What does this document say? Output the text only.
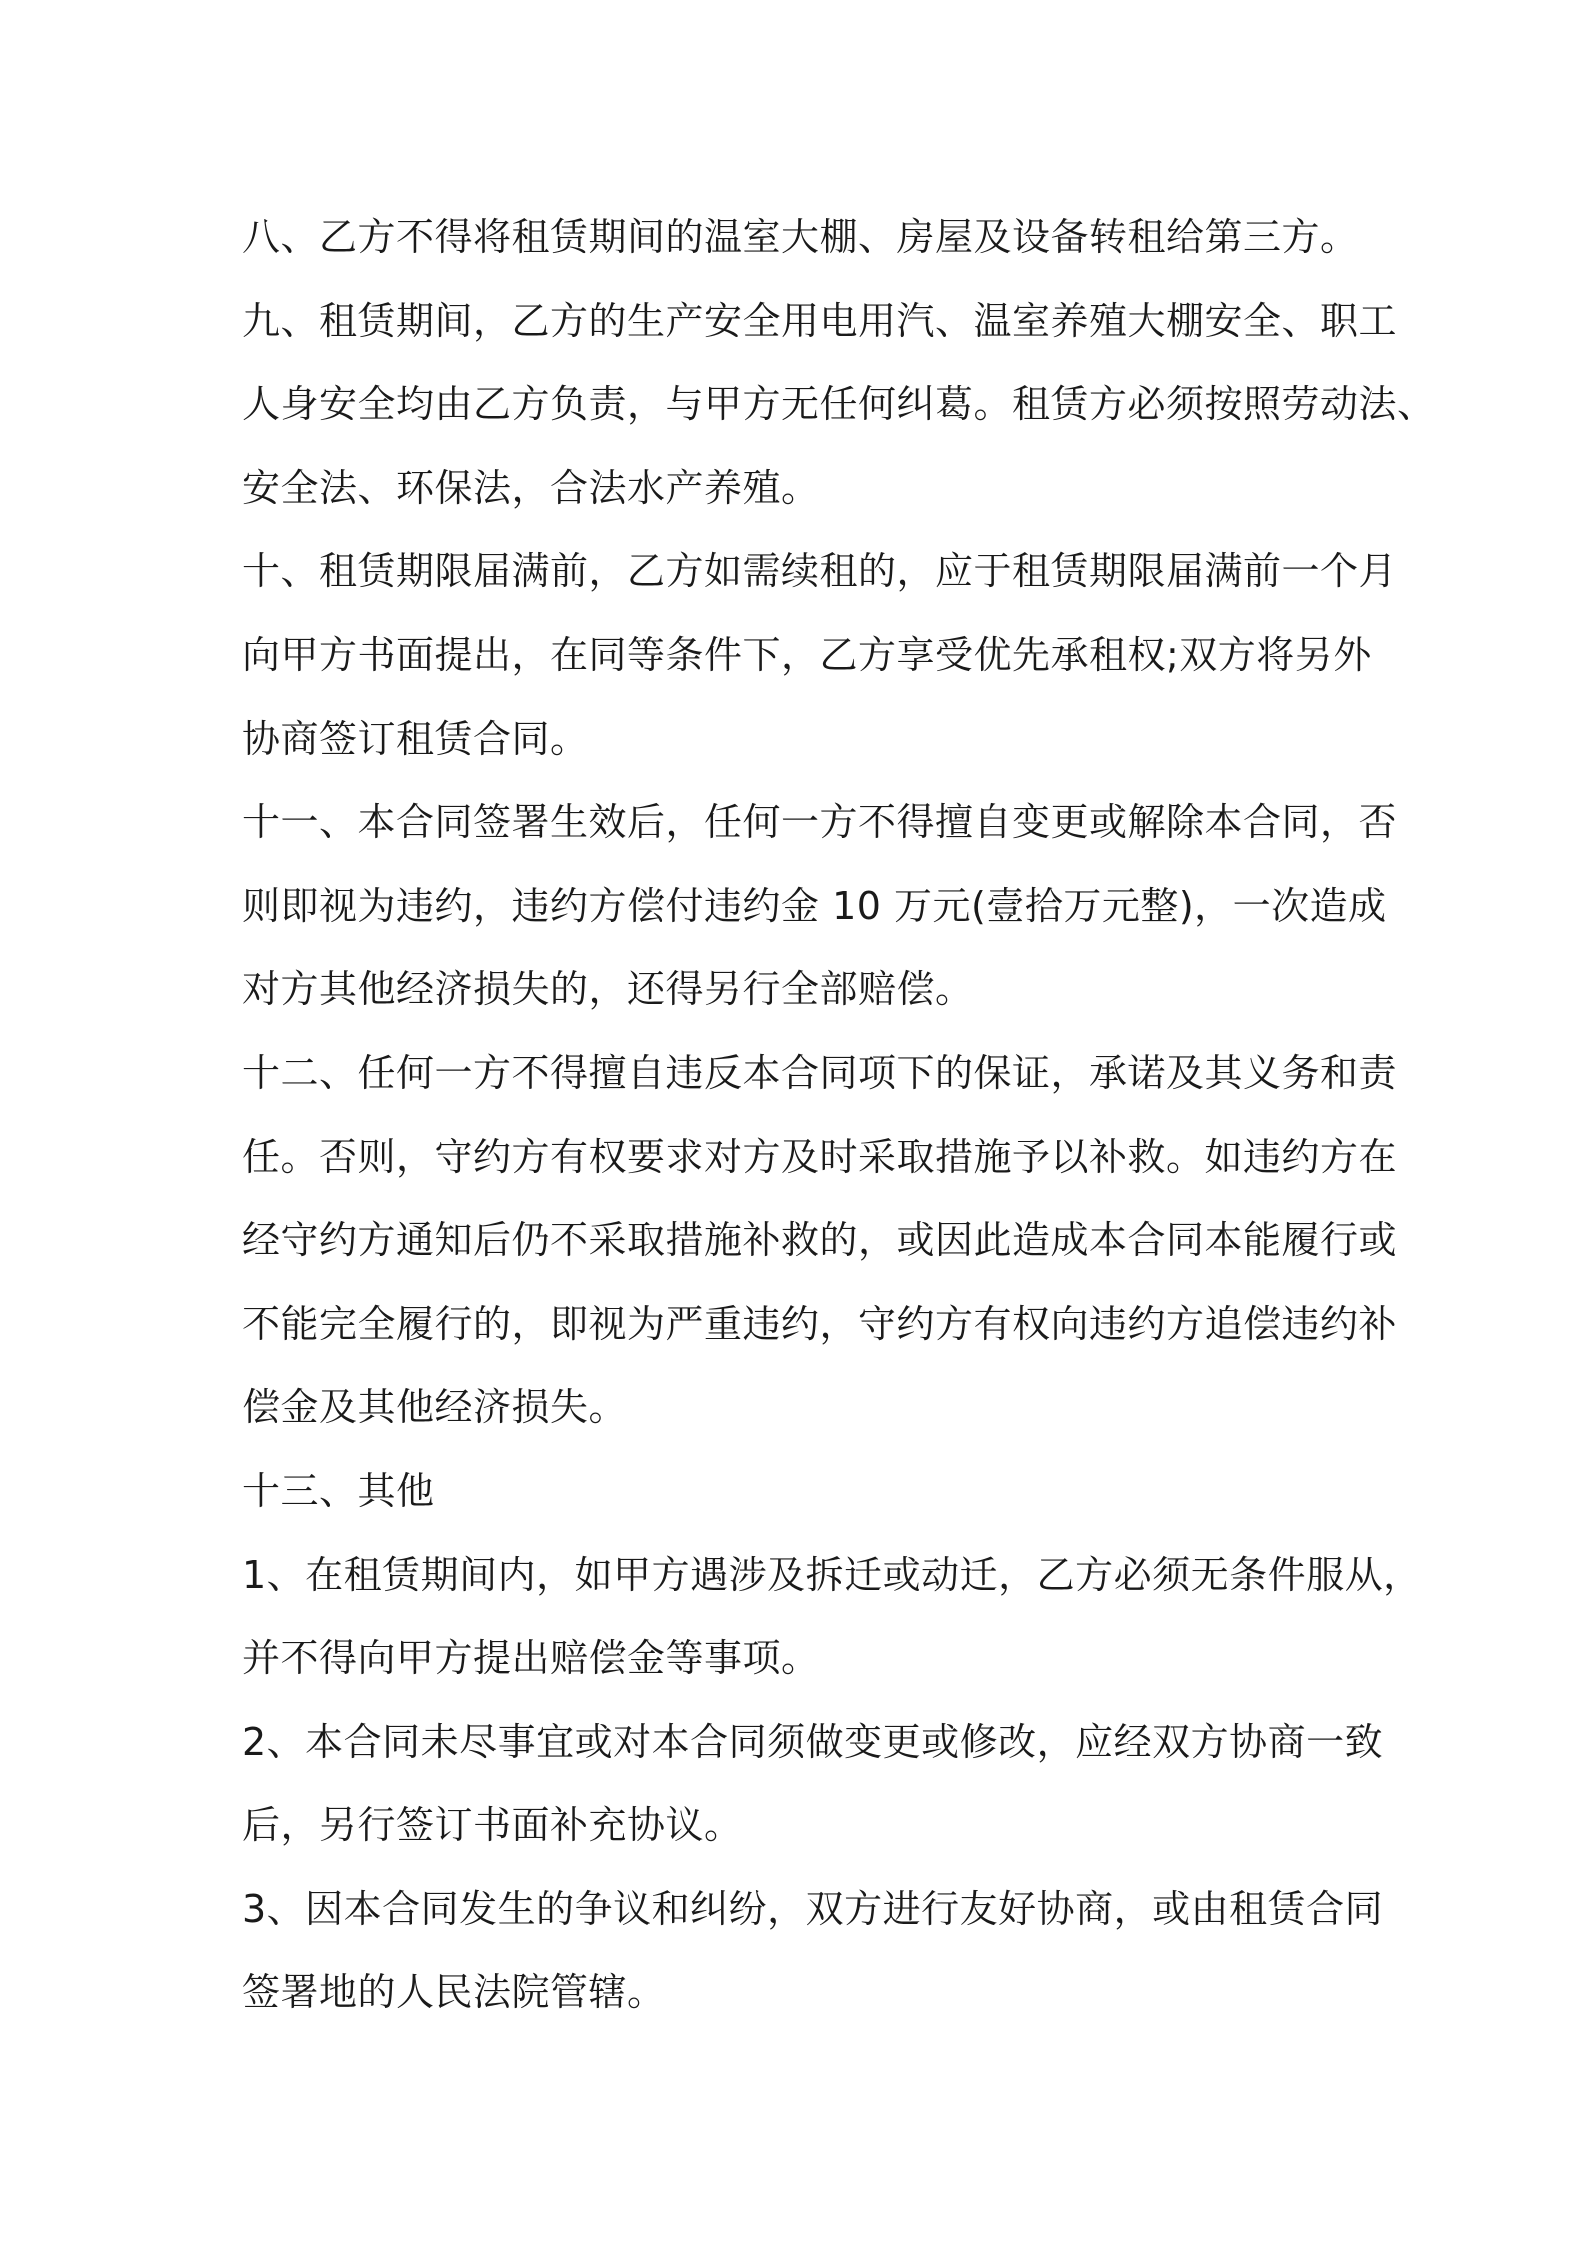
八、乙方不得将租赁期间的温室大棚、房屋及设备转租给第三方。
九、租赁期间，乙方的生产安全用电用汽、温室养殖大棚安全、职工
人身安全均由乙方负责，与甲方无任何纠葛。租赁方必须按照劳动法、
安全法、环保法，合法水产养殖。
十、租赁期限届满前，乙方如需续租的，应于租赁期限届满前一个月
向甲方书面提出，在同等条件下，乙方享受优先承租权;双方将另外
协商签订租赁合同。
十一、本合同签署生效后，任何一方不得擅自变更或解除本合同，否
则即视为违约，违约方偿付违约金 10 万元(壹拾万元整)，一次造成
对方其他经济损失的，还得另行全部赔偿。
十二、任何一方不得擅自违反本合同项下的保证，承诺及其义务和责
任。否则，守约方有权要求对方及时采取措施予以补救。如违约方在
经守约方通知后仍不采取措施补救的，或因此造成本合同本能履行或
不能完全履行的，即视为严重违约，守约方有权向违约方追偿违约补
偿金及其他经济损失。
十三、其他
1、在租赁期间内，如甲方遇涉及拆迁或动迁，乙方必须无条件服从，
并不得向甲方提出赔偿金等事项。
2、本合同未尽事宜或对本合同须做变更或修改，应经双方协商一致
后，另行签订书面补充协议。
3、因本合同发生的争议和纠纷，双方进行友好协商，或由租赁合同
签署地的人民法院管辖。
